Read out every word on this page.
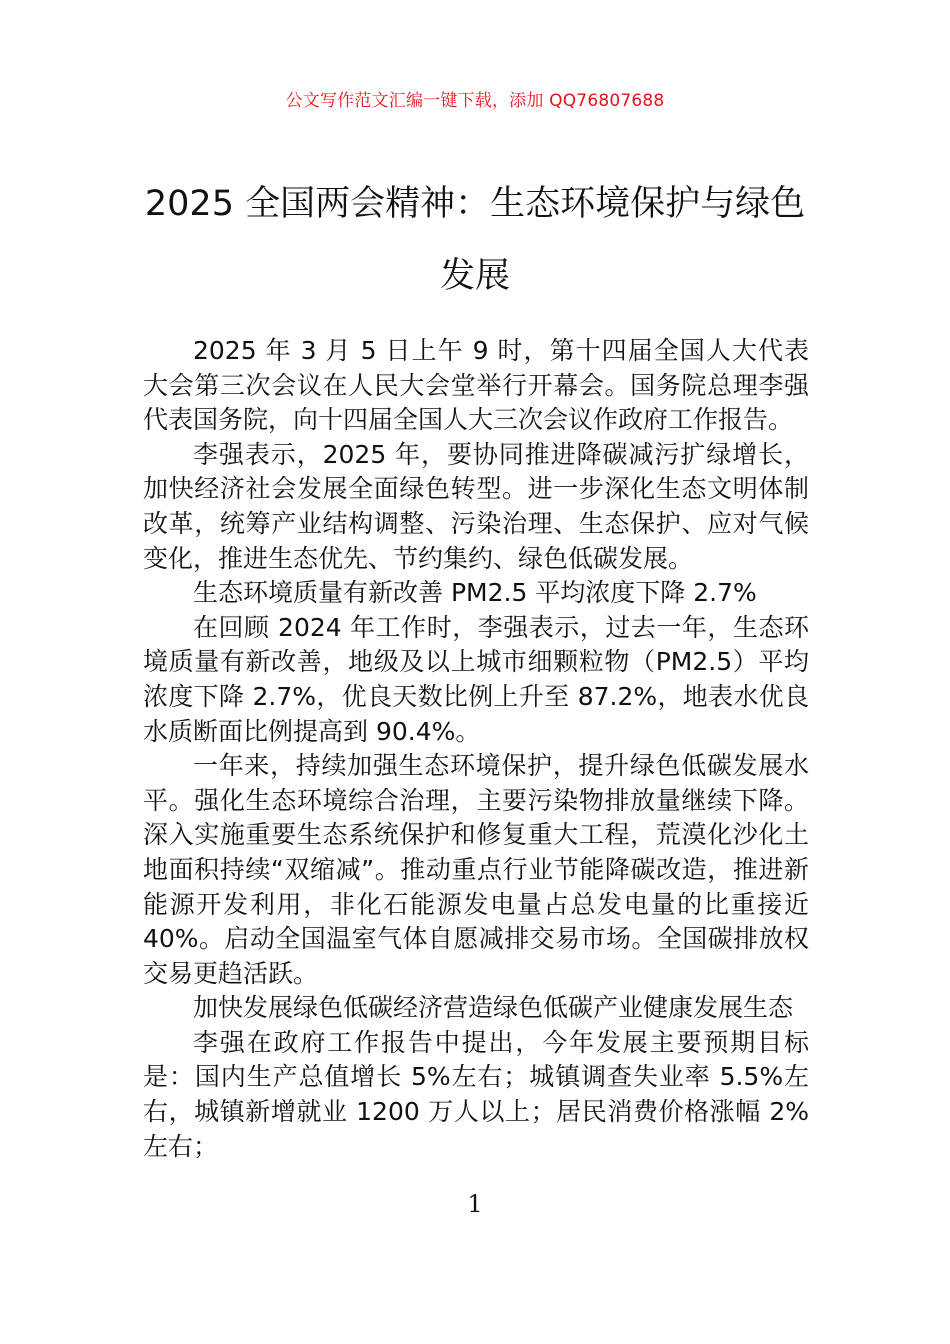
公文写作范文汇编一键下载，添加 QQ76807688
2025 全国两会精神：生态环境保护与绿色发展

2025 年 3 月 5 日上午 9 时，第十四届全国人大代表大会第三次会议在人民大会堂举行开幕会。国务院总理李强代表国务院，向十四届全国人大三次会议作政府工作报告。

李强表示，2025 年，要协同推进降碳减污扩绿增长，加快经济社会发展全面绿色转型。进一步深化生态文明体制改革，统筹产业结构调整、污染治理、生态保护、应对气候变化，推进生态优先、节约集约、绿色低碳发展。

生态环境质量有新改善 PM2.5 平均浓度下降 2.7%

在回顾 2024 年工作时，李强表示，过去一年，生态环境质量有新改善，地级及以上城市细颗粒物（PM2.5）平均浓度下降 2.7%，优良天数比例上升至 87.2%，地表水优良水质断面比例提高到 90.4%。

一年来，持续加强生态环境保护，提升绿色低碳发展水平。强化生态环境综合治理，主要污染物排放量继续下降。深入实施重要生态系统保护和修复重大工程，荒漠化沙化土地面积持续“双缩减”。推动重点行业节能降碳改造，推进新能源开发利用，非化石能源发电量占总发电量的比重接近 40%。启动全国温室气体自愿减排交易市场。全国碳排放权交易更趋活跃。

加快发展绿色低碳经济营造绿色低碳产业健康发展生态

李强在政府工作报告中提出，今年发展主要预期目标是：国内生产总值增长 5%左右；城镇调查失业率 5.5%左右，城镇新增就业 1200 万人以上；居民消费价格涨幅 2%左右；

1
